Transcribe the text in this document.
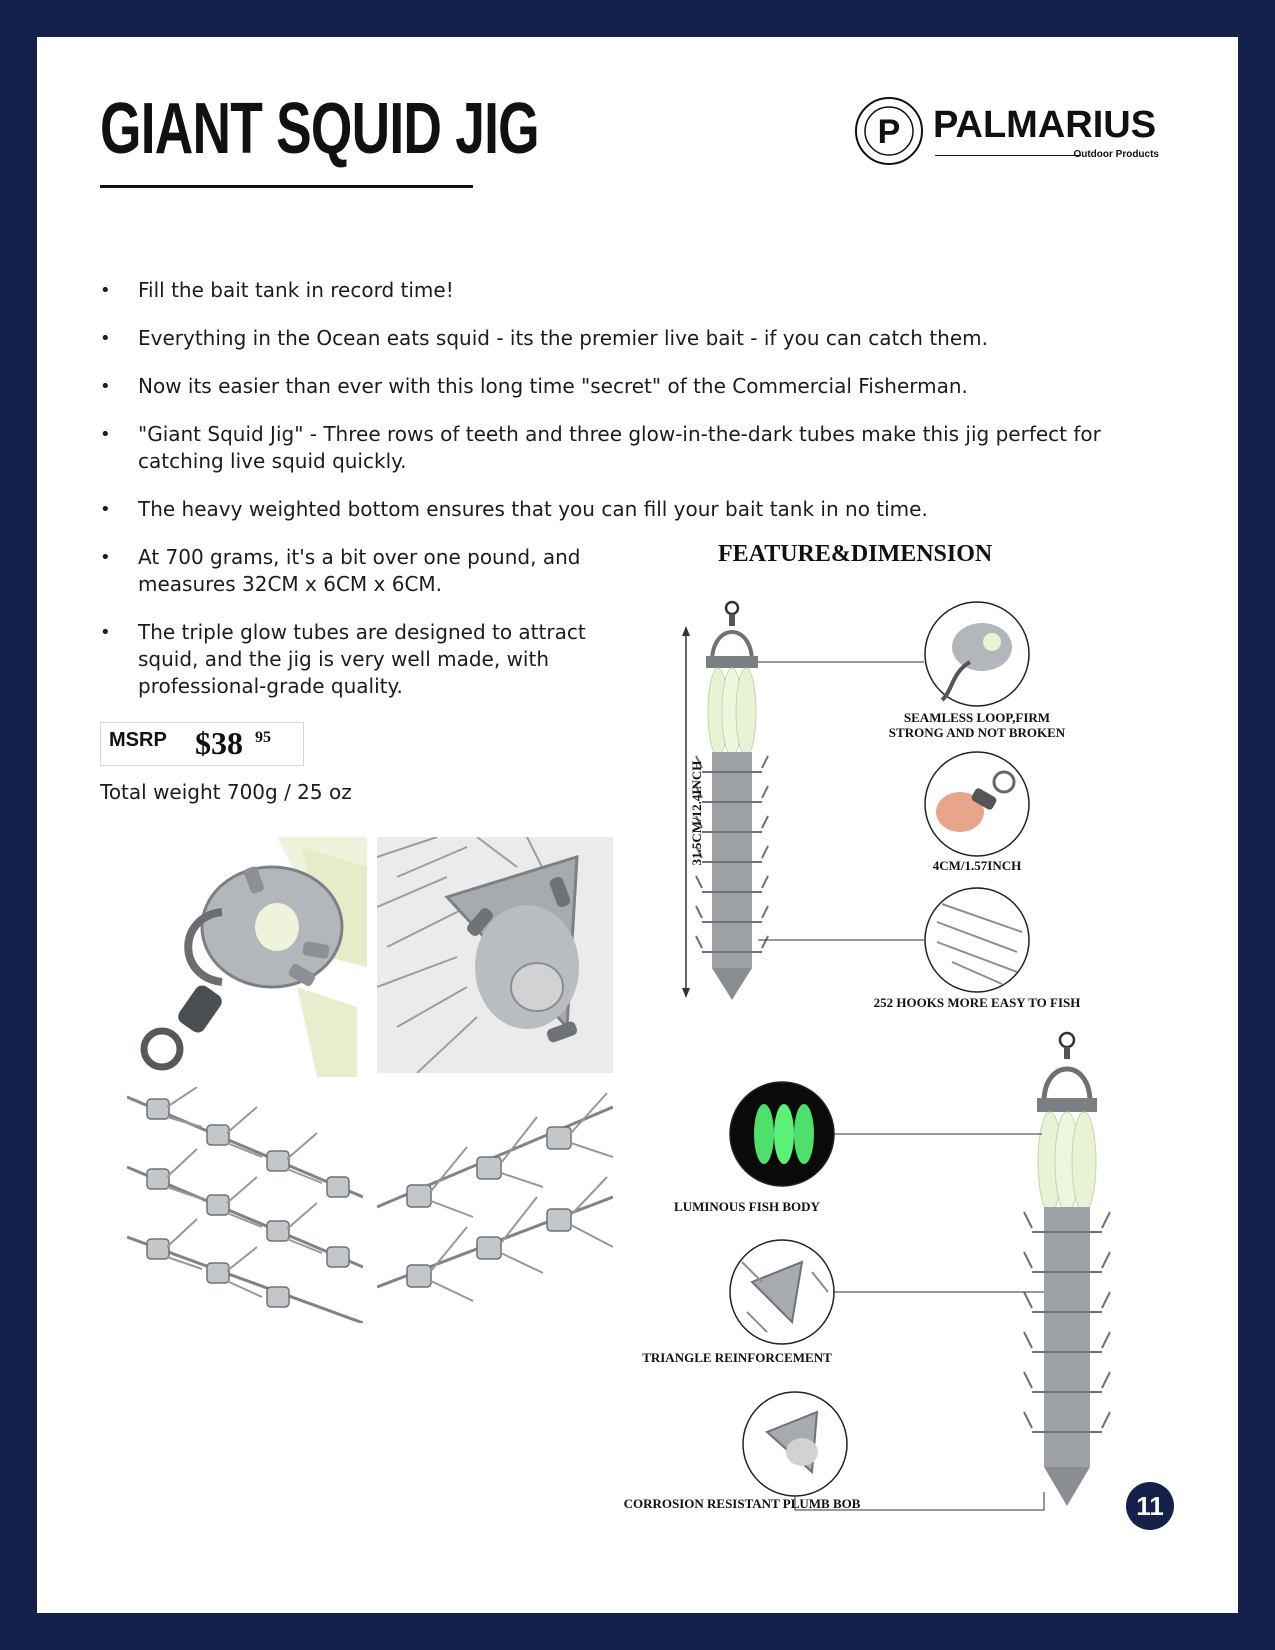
GIANT SQUID JIG	P PALMARIUS
Outdoor Products
• Fill the bait tank in record time!
• Everything in the Ocean eats squid - its the premier live bait - if you can catch them.
• Now its easier than ever with this long time "secret" of the Commercial Fisherman.
• "Giant Squid Jig" - Three rows of teeth and three glow-in-the-dark tubes make this jig perfect for catching live squid quickly.
• The heavy weighted bottom ensures that you can fill your bait tank in no time.
• At 700 grams, it's a bit over one pound, and measures 32CM x 6CM x 6CM.
• The triple glow tubes are designed to attract squid, and the jig is very well made, with professional-grade quality.
MSRP $38 95
Total weight 700g / 25 oz
FEATURE&DIMENSION
31.5CM/12.4INCH
SEAMLESS LOOP,FIRM
STRONG AND NOT BROKEN
4CM/1.57INCH
252 HOOKS MORE EASY TO FISH
LUMINOUS FISH BODY
TRIANGLE REINFORCEMENT
CORROSION RESISTANT PLUMB BOB	11
